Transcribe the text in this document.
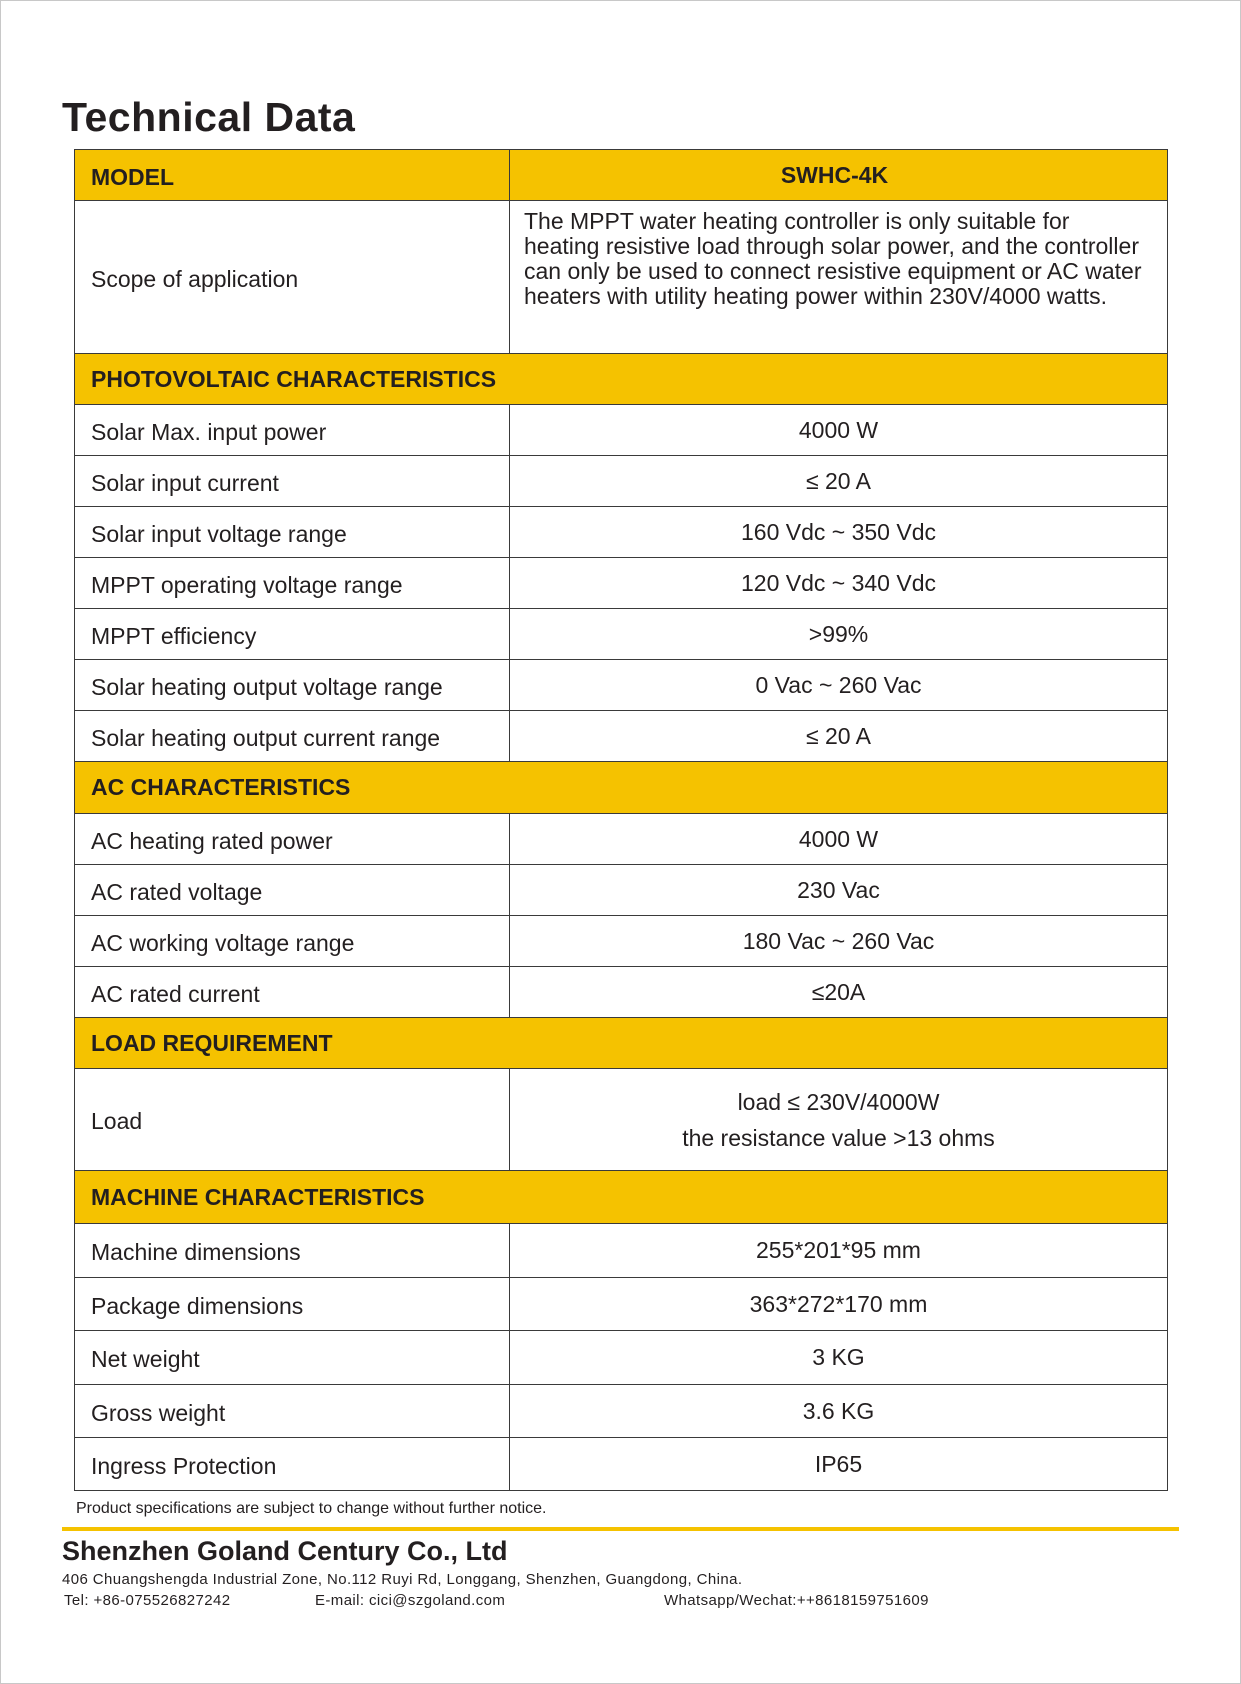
Technical Data
MODEL	SWHC-4K
Scope of application	The MPPT water heating controller is only suitable for heating resistive load through solar power, and the controller can only be used to connect resistive equipment or AC water heaters with utility heating power within 230V/4000 watts.
PHOTOVOLTAIC CHARACTERISTICS	
Solar Max. input power	4000 W
Solar input current	≤ 20 A
Solar input voltage range	160 Vdc ~ 350 Vdc
MPPT operating voltage range	120 Vdc ~ 340 Vdc
MPPT efficiency	>99%
Solar heating output voltage range	0 Vac ~ 260 Vac
Solar heating output current range	≤ 20 A
AC CHARACTERISTICS	
AC heating rated power	4000 W
AC rated voltage	230 Vac
AC working voltage range	180 Vac ~ 260 Vac
AC rated current	≤20A
LOAD REQUIREMENT	
Load	load ≤ 230V/4000W
the resistance value >13 ohms

MACHINE CHARACTERISTICS	
Machine dimensions	255*201*95 mm
Package dimensions	363*272*170 mm
Net weight	3 KG
Gross weight	3.6 KG
Ingress Protection	IP65
Product specifications are subject to change without further notice.
Shenzhen Goland Century Co., Ltd
406 Chuangshengda Industrial Zone, No.112 Ruyi Rd, Longgang, Shenzhen, Guangdong, China.
Tel: +86-075526827242	E-mail: cici@szgoland.com	Whatsapp/Wechat:++8618159751609
